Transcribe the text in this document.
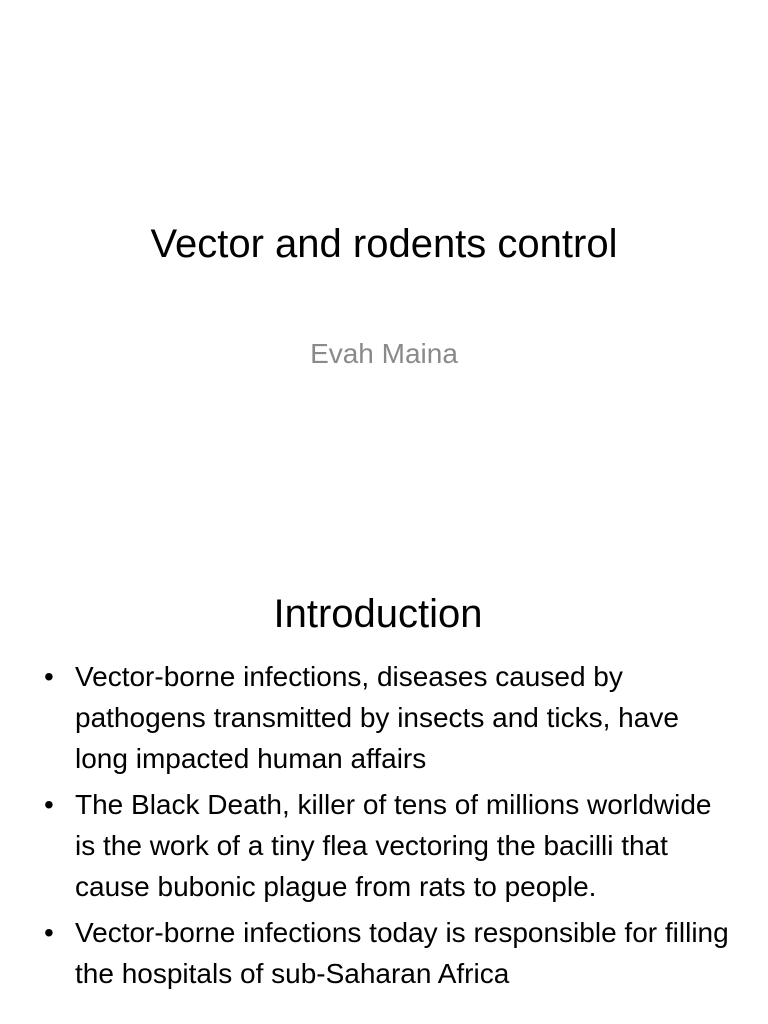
Vector and rodents control
Evah Maina
Introduction
• Vector-borne infections, diseases caused by pathogens transmitted by insects and ticks, have long impacted human affairs
• The Black Death, killer of tens of millions worldwide is the work of a tiny flea vectoring the bacilli that cause bubonic plague from rats to people.
• Vector-borne infections today is responsible for filling the hospitals of sub-Saharan Africa
